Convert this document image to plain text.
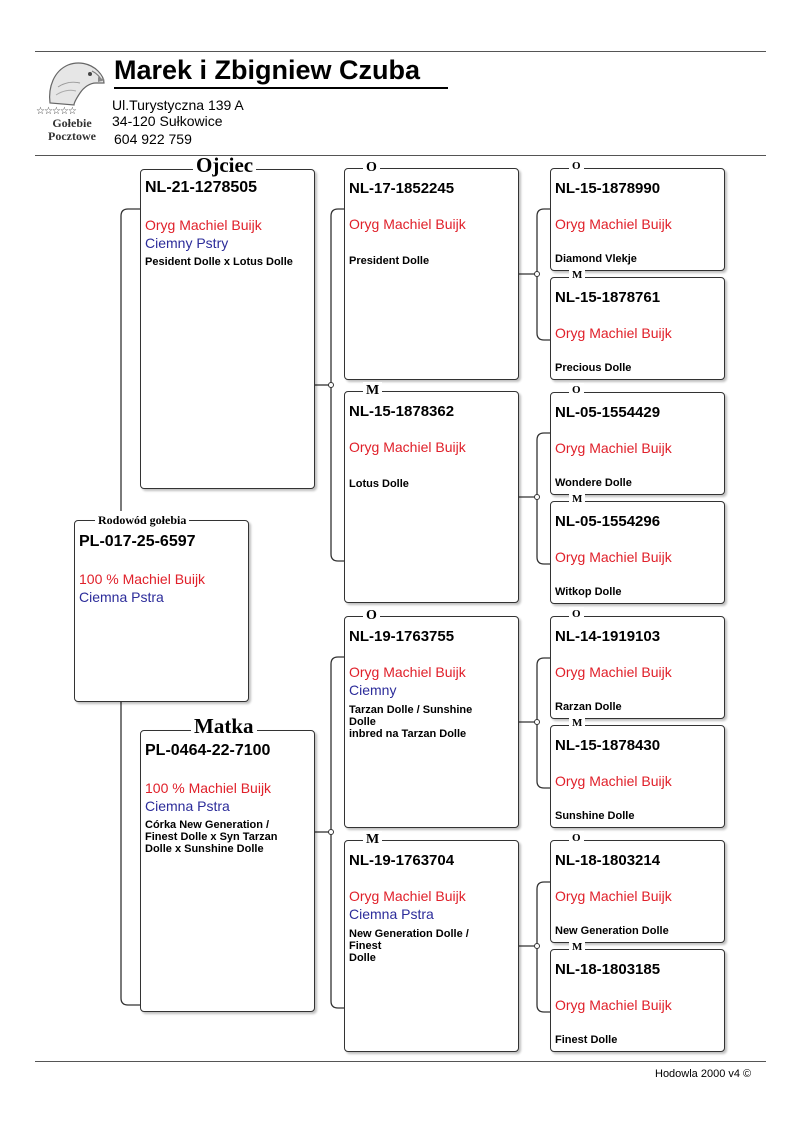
☆☆☆☆☆
Gołebie
Pocztowe
Marek i Zbigniew Czuba
Ul.Turystyczna 139 A
34-120 Sułkowice
604 922 759
Rodowód gołebia
PL-017-25-6597
100 % Machiel Buijk
Ciemna Pstra
Ojciec
NL-21-1278505
Oryg Machiel Buijk
Ciemny Pstry
Pesident Dolle x Lotus Dolle
Matka
PL-0464-22-7100
100 % Machiel Buijk
Ciemna Pstra
Córka New Generation /
Finest Dolle x Syn Tarzan
Dolle x Sunshine Dolle
O
NL-17-1852245
Oryg Machiel Buijk
President Dolle
M
NL-15-1878362
Oryg Machiel Buijk
Lotus Dolle
O
NL-19-1763755
Oryg Machiel Buijk
Ciemny
Tarzan Dolle / Sunshine
Dolle
inbred na Tarzan Dolle
M
NL-19-1763704
Oryg Machiel Buijk
Ciemna Pstra
New Generation Dolle /
Finest
Dolle
O
NL-15-1878990
Oryg Machiel Buijk
Diamond Vlekje
M
NL-15-1878761
Oryg Machiel Buijk
Precious Dolle
O
NL-05-1554429
Oryg Machiel Buijk
Wondere Dolle
M
NL-05-1554296
Oryg Machiel Buijk
Witkop Dolle
O
NL-14-1919103
Oryg Machiel Buijk
Rarzan Dolle
M
NL-15-1878430
Oryg Machiel Buijk
Sunshine Dolle
O
NL-18-1803214
Oryg Machiel Buijk
New Generation Dolle
M
NL-18-1803185
Oryg Machiel Buijk
Finest Dolle
Hodowla 2000 v4 ©
